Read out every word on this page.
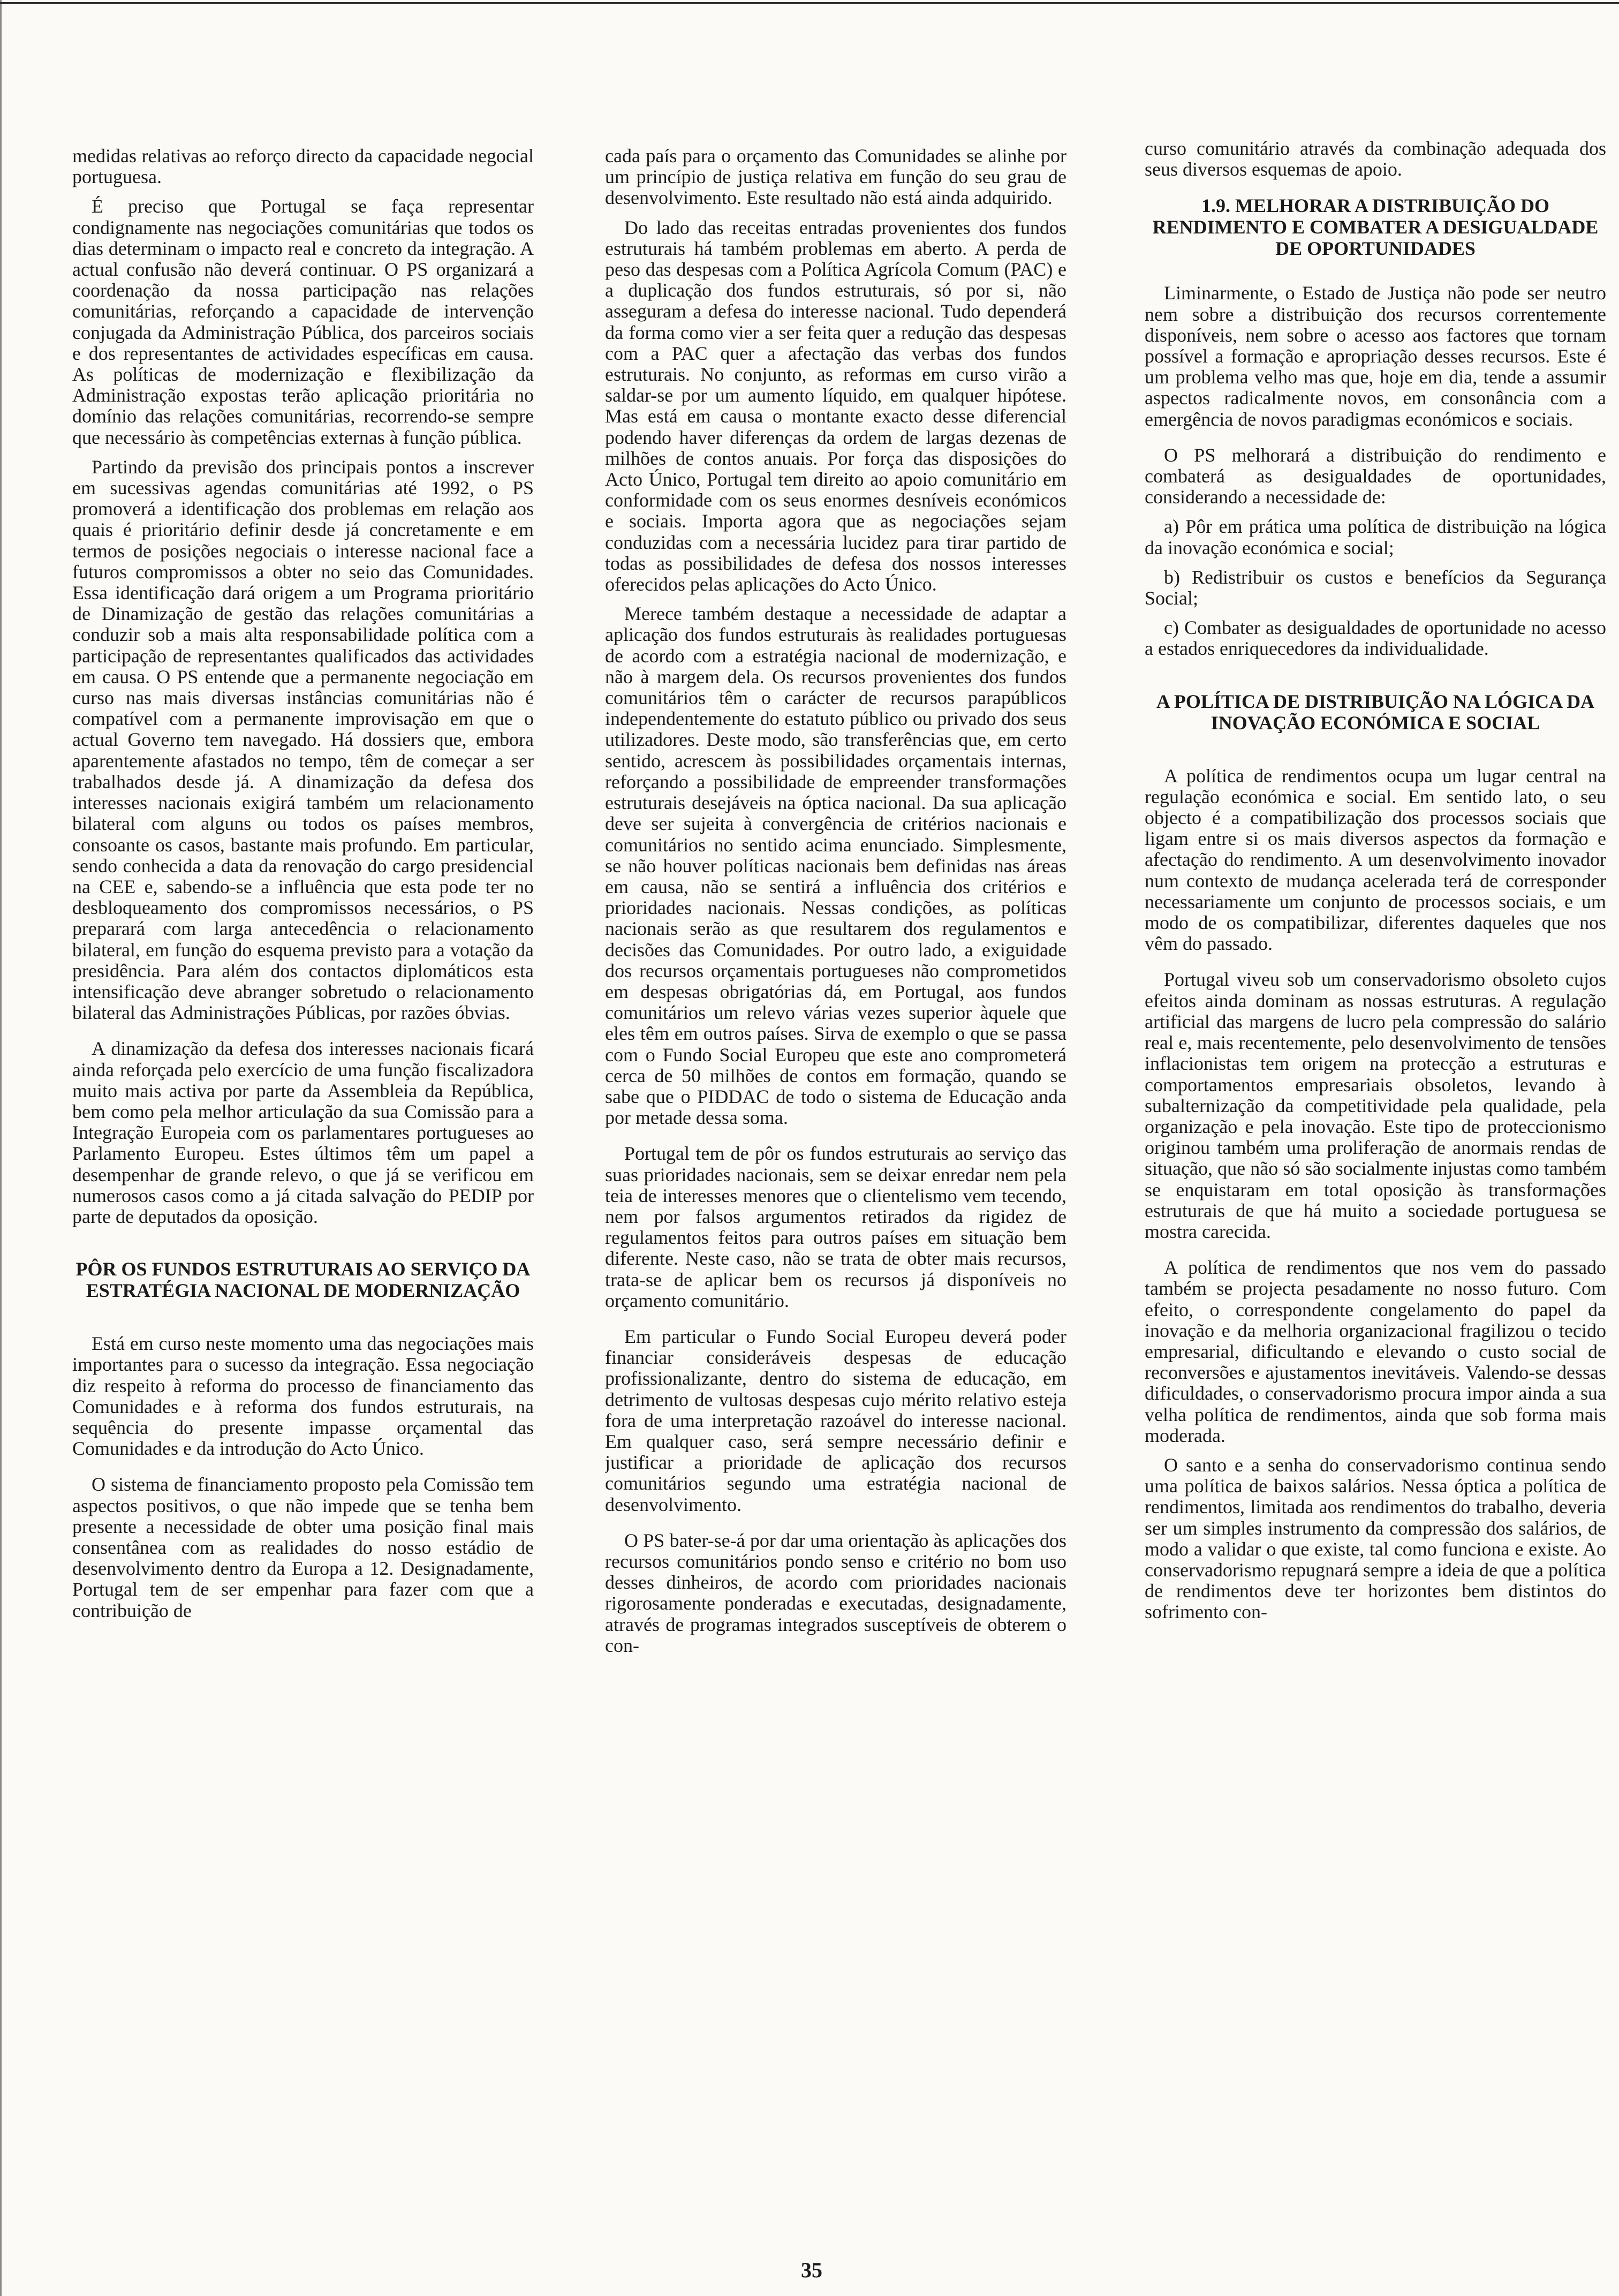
medidas relativas ao reforço directo da capacidade negocial portuguesa.

É preciso que Portugal se faça representar condignamente nas negociações comunitárias que todos os dias determinam o impacto real e concreto da integração. A actual confusão não deverá continuar. O PS organizará a coordenação da nossa participação nas relações comunitárias, reforçando a capacidade de intervenção conjugada da Administração Pública, dos parceiros sociais e dos representantes de actividades específicas em causa. As políticas de modernização e flexibilização da Administração expostas terão aplicação prioritária no domínio das relações comunitárias, recorrendo-se sempre que necessário às competências externas à função pública.

Partindo da previsão dos principais pontos a inscrever em sucessivas agendas comunitárias até 1992, o PS promoverá a identificação dos problemas em relação aos quais é prioritário definir desde já concretamente e em termos de posições negociais o interesse nacional face a futuros compromissos a obter no seio das Comunidades. Essa identificação dará origem a um Programa prioritário de Dinamização de gestão das relações comunitárias a conduzir sob a mais alta responsabilidade política com a participação de representantes qualificados das actividades em causa. O PS entende que a permanente negociação em curso nas mais diversas instâncias comunitárias não é compatível com a permanente improvisação em que o actual Governo tem navegado. Há dossiers que, embora aparentemente afastados no tempo, têm de começar a ser trabalhados desde já. A dinamização da defesa dos interesses nacionais exigirá também um relacionamento bilateral com alguns ou todos os países membros, consoante os casos, bastante mais profundo. Em particular, sendo conhecida a data da renovação do cargo presidencial na CEE e, sabendo-se a influência que esta pode ter no desbloqueamento dos compromissos necessários, o PS preparará com larga antecedência o relacionamento bilateral, em função do esquema previsto para a votação da presidência. Para além dos contactos diplomáticos esta intensificação deve abranger sobretudo o relacionamento bilateral das Administrações Públicas, por razões óbvias.

A dinamização da defesa dos interesses nacionais ficará ainda reforçada pelo exercício de uma função fiscalizadora muito mais activa por parte da Assembleia da República, bem como pela melhor articulação da sua Comissão para a Integração Europeia com os parlamentares portugueses ao Parlamento Europeu. Estes últimos têm um papel a desempenhar de grande relevo, o que já se verificou em numerosos casos como a já citada salvação do PEDIP por parte de deputados da oposição.

PÔR OS FUNDOS ESTRUTURAIS AO SERVIÇO DA ESTRATÉGIA NACIONAL DE MODERNIZAÇÃO

Está em curso neste momento uma das negociações mais importantes para o sucesso da integração. Essa negociação diz respeito à reforma do processo de financiamento das Comunidades e à reforma dos fundos estruturais, na sequência do presente impasse orçamental das Comunidades e da introdução do Acto Único.

O sistema de financiamento proposto pela Comissão tem aspectos positivos, o que não impede que se tenha bem presente a necessidade de obter uma posição final mais consentânea com as realidades do nosso estádio de desenvolvimento dentro da Europa a 12. Designadamente, Portugal tem de ser empenhar para fazer com que a contribuição de

cada país para o orçamento das Comunidades se alinhe por um princípio de justiça relativa em função do seu grau de desenvolvimento. Este resultado não está ainda adquirido.

Do lado das receitas entradas provenientes dos fundos estruturais há também problemas em aberto. A perda de peso das despesas com a Política Agrícola Comum (PAC) e a duplicação dos fundos estruturais, só por si, não asseguram a defesa do interesse nacional. Tudo dependerá da forma como vier a ser feita quer a redução das despesas com a PAC quer a afectação das verbas dos fundos estruturais. No conjunto, as reformas em curso virão a saldar-se por um aumento líquido, em qualquer hipótese. Mas está em causa o montante exacto desse diferencial podendo haver diferenças da ordem de largas dezenas de milhões de contos anuais. Por força das disposições do Acto Único, Portugal tem direito ao apoio comunitário em conformidade com os seus enormes desníveis económicos e sociais. Importa agora que as negociações sejam conduzidas com a necessária lucidez para tirar partido de todas as possibilidades de defesa dos nossos interesses oferecidos pelas aplicações do Acto Único.

Merece também destaque a necessidade de adaptar a aplicação dos fundos estruturais às realidades portuguesas de acordo com a estratégia nacional de modernização, e não à margem dela. Os recursos provenientes dos fundos comunitários têm o carácter de recursos parapúblicos independentemente do estatuto público ou privado dos seus utilizadores. Deste modo, são transferências que, em certo sentido, acrescem às possibilidades orçamentais internas, reforçando a possibilidade de empreender transformações estruturais desejáveis na óptica nacional. Da sua aplicação deve ser sujeita à convergência de critérios nacionais e comunitários no sentido acima enunciado. Simplesmente, se não houver políticas nacionais bem definidas nas áreas em causa, não se sentirá a influência dos critérios e prioridades nacionais. Nessas condições, as políticas nacionais serão as que resultarem dos regulamentos e decisões das Comunidades. Por outro lado, a exiguidade dos recursos orçamentais portugueses não comprometidos em despesas obrigatórias dá, em Portugal, aos fundos comunitários um relevo várias vezes superior àquele que eles têm em outros países. Sirva de exemplo o que se passa com o Fundo Social Europeu que este ano comprometerá cerca de 50 milhões de contos em formação, quando se sabe que o PIDDAC de todo o sistema de Educação anda por metade dessa soma.

Portugal tem de pôr os fundos estruturais ao serviço das suas prioridades nacionais, sem se deixar enredar nem pela teia de interesses menores que o clientelismo vem tecendo, nem por falsos argumentos retirados da rigidez de regulamentos feitos para outros países em situação bem diferente. Neste caso, não se trata de obter mais recursos, trata-se de aplicar bem os recursos já disponíveis no orçamento comunitário.

Em particular o Fundo Social Europeu deverá poder financiar consideráveis despesas de educação profissionalizante, dentro do sistema de educação, em detrimento de vultosas despesas cujo mérito relativo esteja fora de uma interpretação razoável do interesse nacional. Em qualquer caso, será sempre necessário definir e justificar a prioridade de aplicação dos recursos comunitários segundo uma estratégia nacional de desenvolvimento.

O PS bater-se-á por dar uma orientação às aplicações dos recursos comunitários pondo senso e critério no bom uso desses dinheiros, de acordo com prioridades nacionais rigorosamente ponderadas e executadas, designadamente, através de programas integrados susceptíveis de obterem o con-

curso comunitário através da combinação adequada dos seus diversos esquemas de apoio.

1.9. MELHORAR A DISTRIBUIÇÃO DO RENDIMENTO E COMBATER A DESIGUALDADE DE OPORTUNIDADES

Liminarmente, o Estado de Justiça não pode ser neutro nem sobre a distribuição dos recursos correntemente disponíveis, nem sobre o acesso aos factores que tornam possível a formação e apropriação desses recursos. Este é um problema velho mas que, hoje em dia, tende a assumir aspectos radicalmente novos, em consonância com a emergência de novos paradigmas económicos e sociais.

O PS melhorará a distribuição do rendimento e combaterá as desigualdades de oportunidades, considerando a necessidade de:

a) Pôr em prática uma política de distribuição na lógica da inovação económica e social;

b) Redistribuir os custos e benefícios da Segurança Social;

c) Combater as desigualdades de oportunidade no acesso a estados enriquecedores da individualidade.

A POLÍTICA DE DISTRIBUIÇÃO NA LÓGICA DA INOVAÇÃO ECONÓMICA E SOCIAL

A política de rendimentos ocupa um lugar central na regulação económica e social. Em sentido lato, o seu objecto é a compatibilização dos processos sociais que ligam entre si os mais diversos aspectos da formação e afectação do rendimento. A um desenvolvimento inovador num contexto de mudança acelerada terá de corresponder necessariamente um conjunto de processos sociais, e um modo de os compatibilizar, diferentes daqueles que nos vêm do passado.

Portugal viveu sob um conservadorismo obsoleto cujos efeitos ainda dominam as nossas estruturas. A regulação artificial das margens de lucro pela compressão do salário real e, mais recentemente, pelo desenvolvimento de tensões inflacionistas tem origem na protecção a estruturas e comportamentos empresariais obsoletos, levando à subalternização da competitividade pela qualidade, pela organização e pela inovação. Este tipo de proteccionismo originou também uma proliferação de anormais rendas de situação, que não só são socialmente injustas como também se enquistaram em total oposição às transformações estruturais de que há muito a sociedade portuguesa se mostra carecida.

A política de rendimentos que nos vem do passado também se projecta pesadamente no nosso futuro. Com efeito, o correspondente congelamento do papel da inovação e da melhoria organizacional fragilizou o tecido empresarial, dificultando e elevando o custo social de reconversões e ajustamentos inevitáveis. Valendo-se dessas dificuldades, o conservadorismo procura impor ainda a sua velha política de rendimentos, ainda que sob forma mais moderada.

O santo e a senha do conservadorismo continua sendo uma política de baixos salários. Nessa óptica a política de rendimentos, limitada aos rendimentos do trabalho, deveria ser um simples instrumento da compressão dos salários, de modo a validar o que existe, tal como funciona e existe. Ao conservadorismo repugnará sempre a ideia de que a política de rendimentos deve ter horizontes bem distintos do sofrimento con-

35
